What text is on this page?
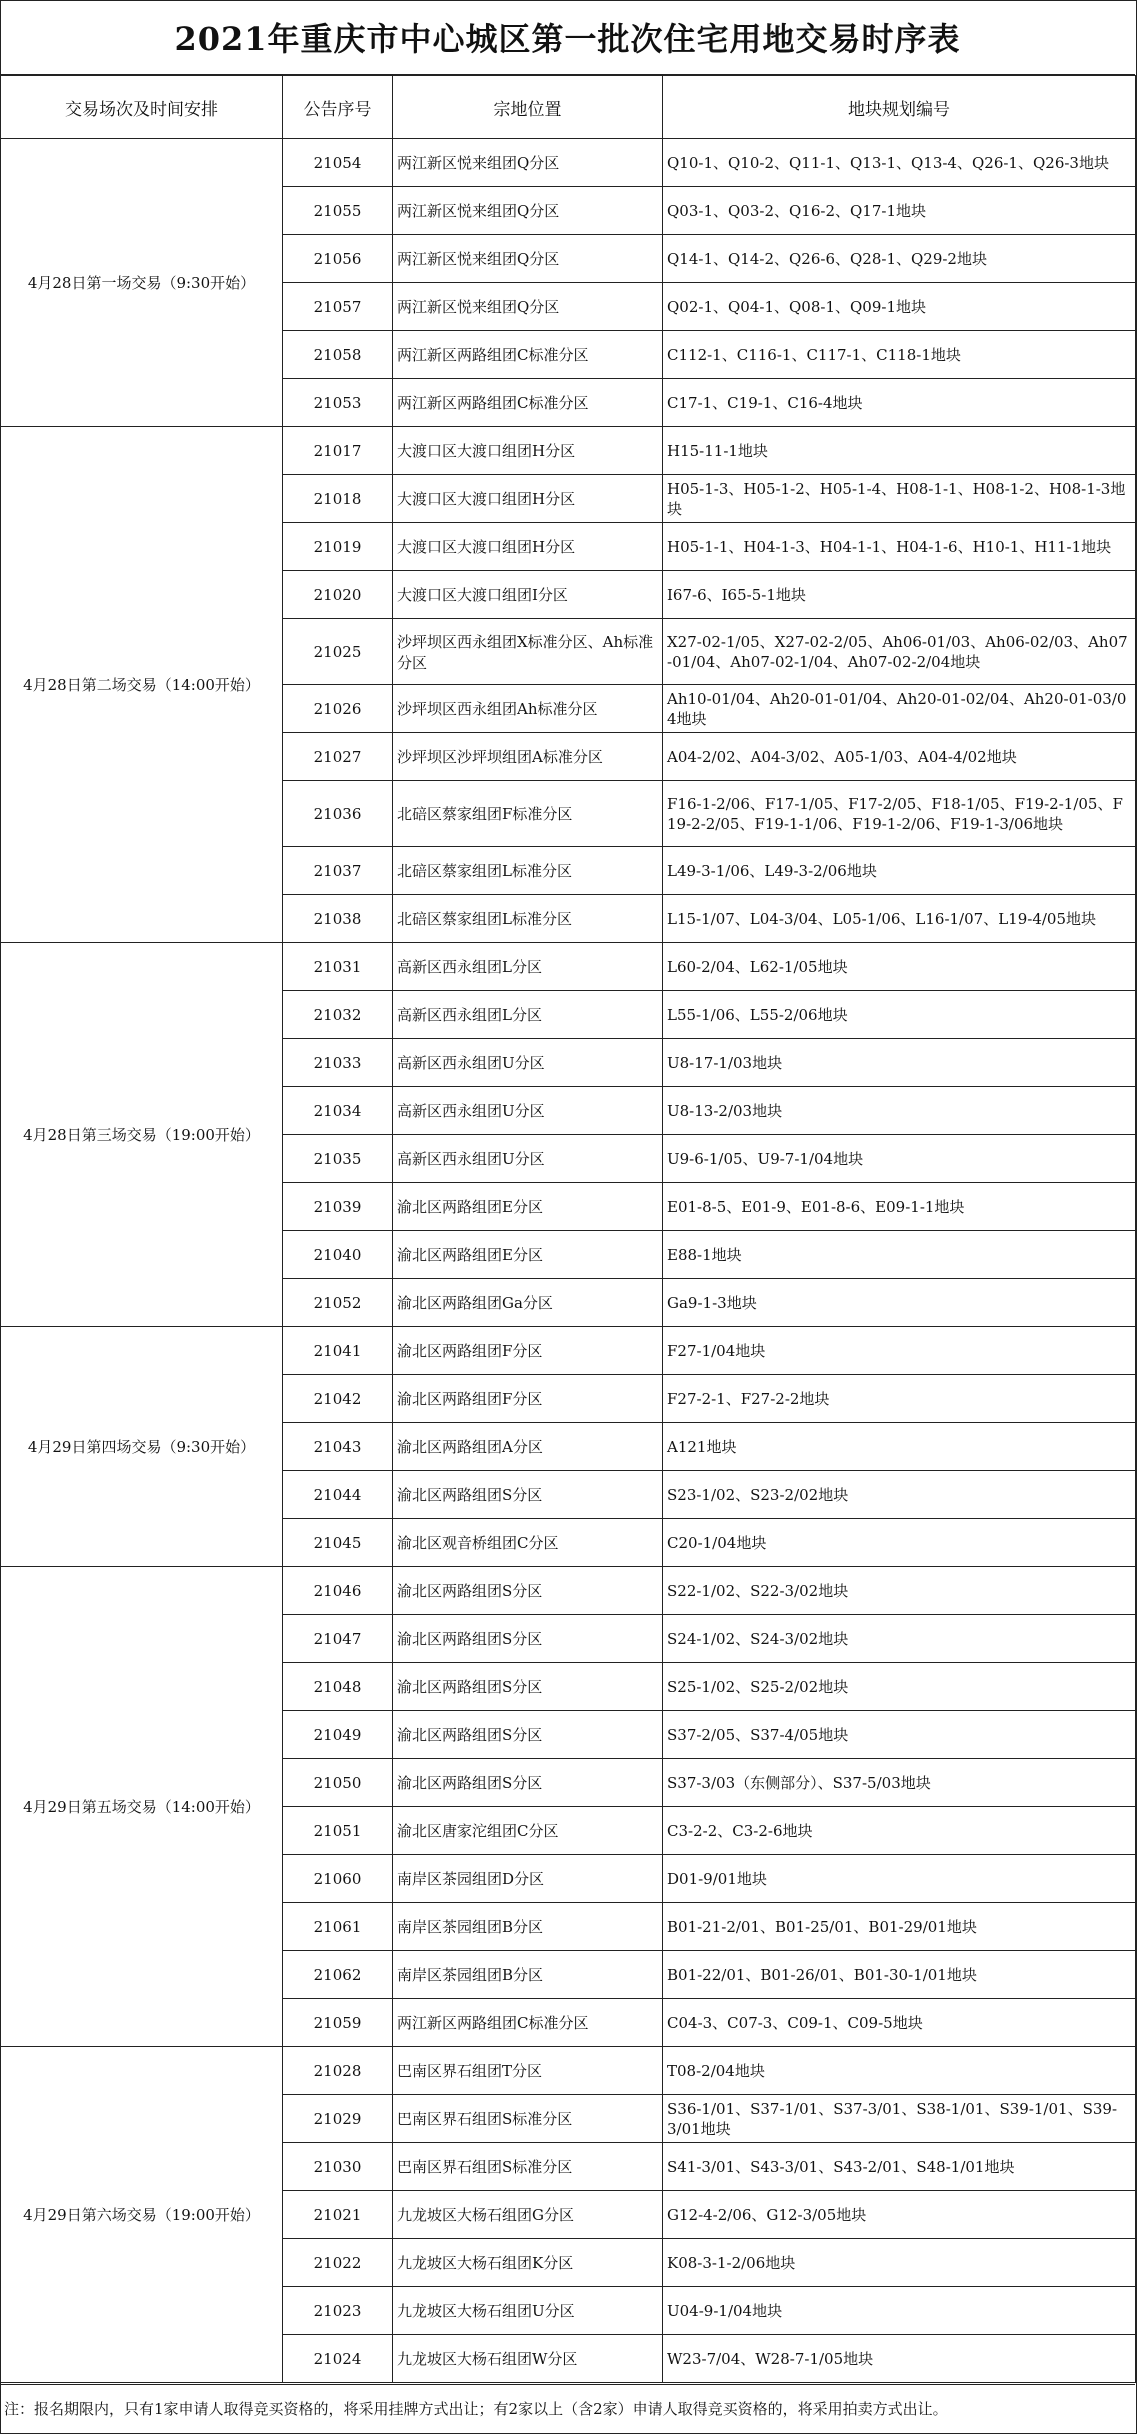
2021年重庆市中心城区第一批次住宅用地交易时序表
交易场次及时间安排	公告序号	宗地位置	地块规划编号
4月28日第一场交易（9:30开始）	21054	两江新区悦来组团Q分区	Q10-1、Q10-2、Q11-1、Q13-1、Q13-4、Q26-1、Q26-3地块
	21055	两江新区悦来组团Q分区	Q03-1、Q03-2、Q16-2、Q17-1地块
	21056	两江新区悦来组团Q分区	Q14-1、Q14-2、Q26-6、Q28-1、Q29-2地块
	21057	两江新区悦来组团Q分区	Q02-1、Q04-1、Q08-1、Q09-1地块
	21058	两江新区两路组团C标准分区	C112-1、C116-1、C117-1、C118-1地块
	21053	两江新区两路组团C标准分区	C17-1、C19-1、C16-4地块
4月28日第二场交易（14:00开始）	21017	大渡口区大渡口组团H分区	H15-11-1地块
	21018	大渡口区大渡口组团H分区	H05-1-3、H05-1-2、H05-1-4、H08-1-1、H08-1-2、H08-1-3地块
	21019	大渡口区大渡口组团H分区	H05-1-1、H04-1-3、H04-1-1、H04-1-6、H10-1、H11-1地块
	21020	大渡口区大渡口组团I分区	I67-6、I65-5-1地块
	21025	沙坪坝区西永组团X标准分区、Ah标准分区	X27-02-1/05、X27-02-2/05、Ah06-01/03、Ah06-02/03、Ah07-01/04、Ah07-02-1/04、Ah07-02-2/04地块
	21026	沙坪坝区西永组团Ah标准分区	Ah10-01/04、Ah20-01-01/04、Ah20-01-02/04、Ah20-01-03/04地块
	21027	沙坪坝区沙坪坝组团A标准分区	A04-2/02、A04-3/02、A05-1/03、A04-4/02地块
	21036	北碚区蔡家组团F标准分区	F16-1-2/06、F17-1/05、F17-2/05、F18-1/05、F19-2-1/05、F19-2-2/05、F19-1-1/06、F19-1-2/06、F19-1-3/06地块
	21037	北碚区蔡家组团L标准分区	L49-3-1/06、L49-3-2/06地块
	21038	北碚区蔡家组团L标准分区	L15-1/07、L04-3/04、L05-1/06、L16-1/07、L19-4/05地块
4月28日第三场交易（19:00开始）	21031	高新区西永组团L分区	L60-2/04、L62-1/05地块
	21032	高新区西永组团L分区	L55-1/06、L55-2/06地块
	21033	高新区西永组团U分区	U8-17-1/03地块
	21034	高新区西永组团U分区	U8-13-2/03地块
	21035	高新区西永组团U分区	U9-6-1/05、U9-7-1/04地块
	21039	渝北区两路组团E分区	E01-8-5、E01-9、E01-8-6、E09-1-1地块
	21040	渝北区两路组团E分区	E88-1地块
	21052	渝北区两路组团Ga分区	Ga9-1-3地块
4月29日第四场交易（9:30开始）	21041	渝北区两路组团F分区	F27-1/04地块
	21042	渝北区两路组团F分区	F27-2-1、F27-2-2地块
	21043	渝北区两路组团A分区	A121地块
	21044	渝北区两路组团S分区	S23-1/02、S23-2/02地块
	21045	渝北区观音桥组团C分区	C20-1/04地块
4月29日第五场交易（14:00开始）	21046	渝北区两路组团S分区	S22-1/02、S22-3/02地块
	21047	渝北区两路组团S分区	S24-1/02、S24-3/02地块
	21048	渝北区两路组团S分区	S25-1/02、S25-2/02地块
	21049	渝北区两路组团S分区	S37-2/05、S37-4/05地块
	21050	渝北区两路组团S分区	S37-3/03（东侧部分）、S37-5/03地块
	21051	渝北区唐家沱组团C分区	C3-2-2、C3-2-6地块
	21060	南岸区茶园组团D分区	D01-9/01地块
	21061	南岸区茶园组团B分区	B01-21-2/01、B01-25/01、B01-29/01地块
	21062	南岸区茶园组团B分区	B01-22/01、B01-26/01、B01-30-1/01地块
	21059	两江新区两路组团C标准分区	C04-3、C07-3、C09-1、C09-5地块
4月29日第六场交易（19:00开始）	21028	巴南区界石组团T分区	T08-2/04地块
	21029	巴南区界石组团S标准分区	S36-1/01、S37-1/01、S37-3/01、S38-1/01、S39-1/01、S39-3/01地块
	21030	巴南区界石组团S标准分区	S41-3/01、S43-3/01、S43-2/01、S48-1/01地块
	21021	九龙坡区大杨石组团G分区	G12-4-2/06、G12-3/05地块
	21022	九龙坡区大杨石组团K分区	K08-3-1-2/06地块
	21023	九龙坡区大杨石组团U分区	U04-9-1/04地块
	21024	九龙坡区大杨石组团W分区	W23-7/04、W28-7-1/05地块
注：报名期限内，只有1家申请人取得竞买资格的，将采用挂牌方式出让；有2家以上（含2家）申请人取得竞买资格的，将采用拍卖方式出让。
